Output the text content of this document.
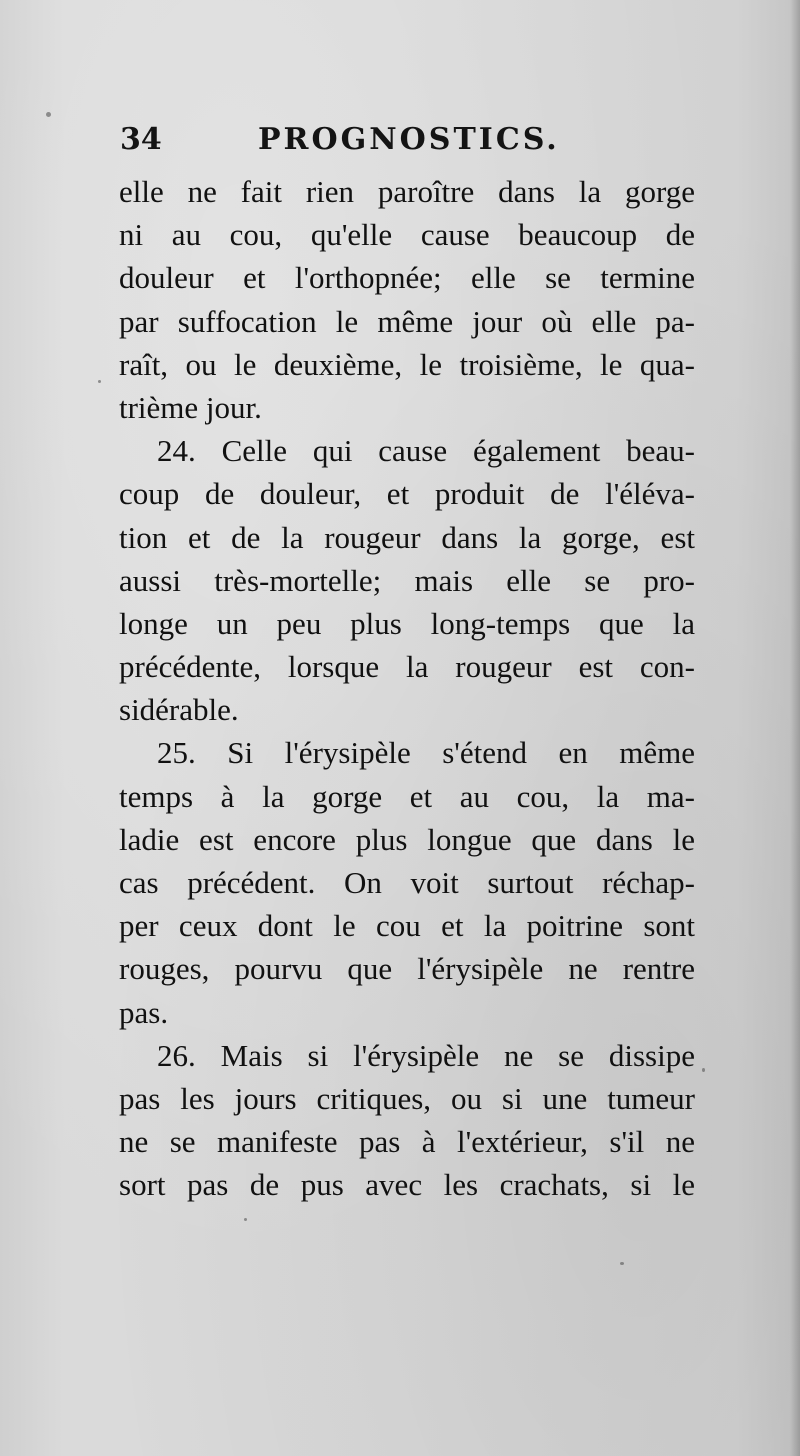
34	PROGNOSTICS.
elle ne fait rien paroître dans la gorge
ni au cou, qu'elle cause beaucoup de
douleur et l'orthopnée; elle se termine
par suffocation le même jour où elle pa-
raît, ou le deuxième, le troisième, le qua-
trième jour.
24. Celle qui cause également beau-
coup de douleur, et produit de l'éléva-
tion et de la rougeur dans la gorge, est
aussi très-mortelle; mais elle se pro-
longe un peu plus long-temps que la
précédente, lorsque la rougeur est con-
sidérable.
25. Si l'érysipèle s'étend en même
temps à la gorge et au cou, la ma-
ladie est encore plus longue que dans le
cas précédent. On voit surtout réchap-
per ceux dont le cou et la poitrine sont
rouges, pourvu que l'érysipèle ne rentre
pas.
26. Mais si l'érysipèle ne se dissipe
pas les jours critiques, ou si une tumeur
ne se manifeste pas à l'extérieur, s'il ne
sort pas de pus avec les crachats, si le
